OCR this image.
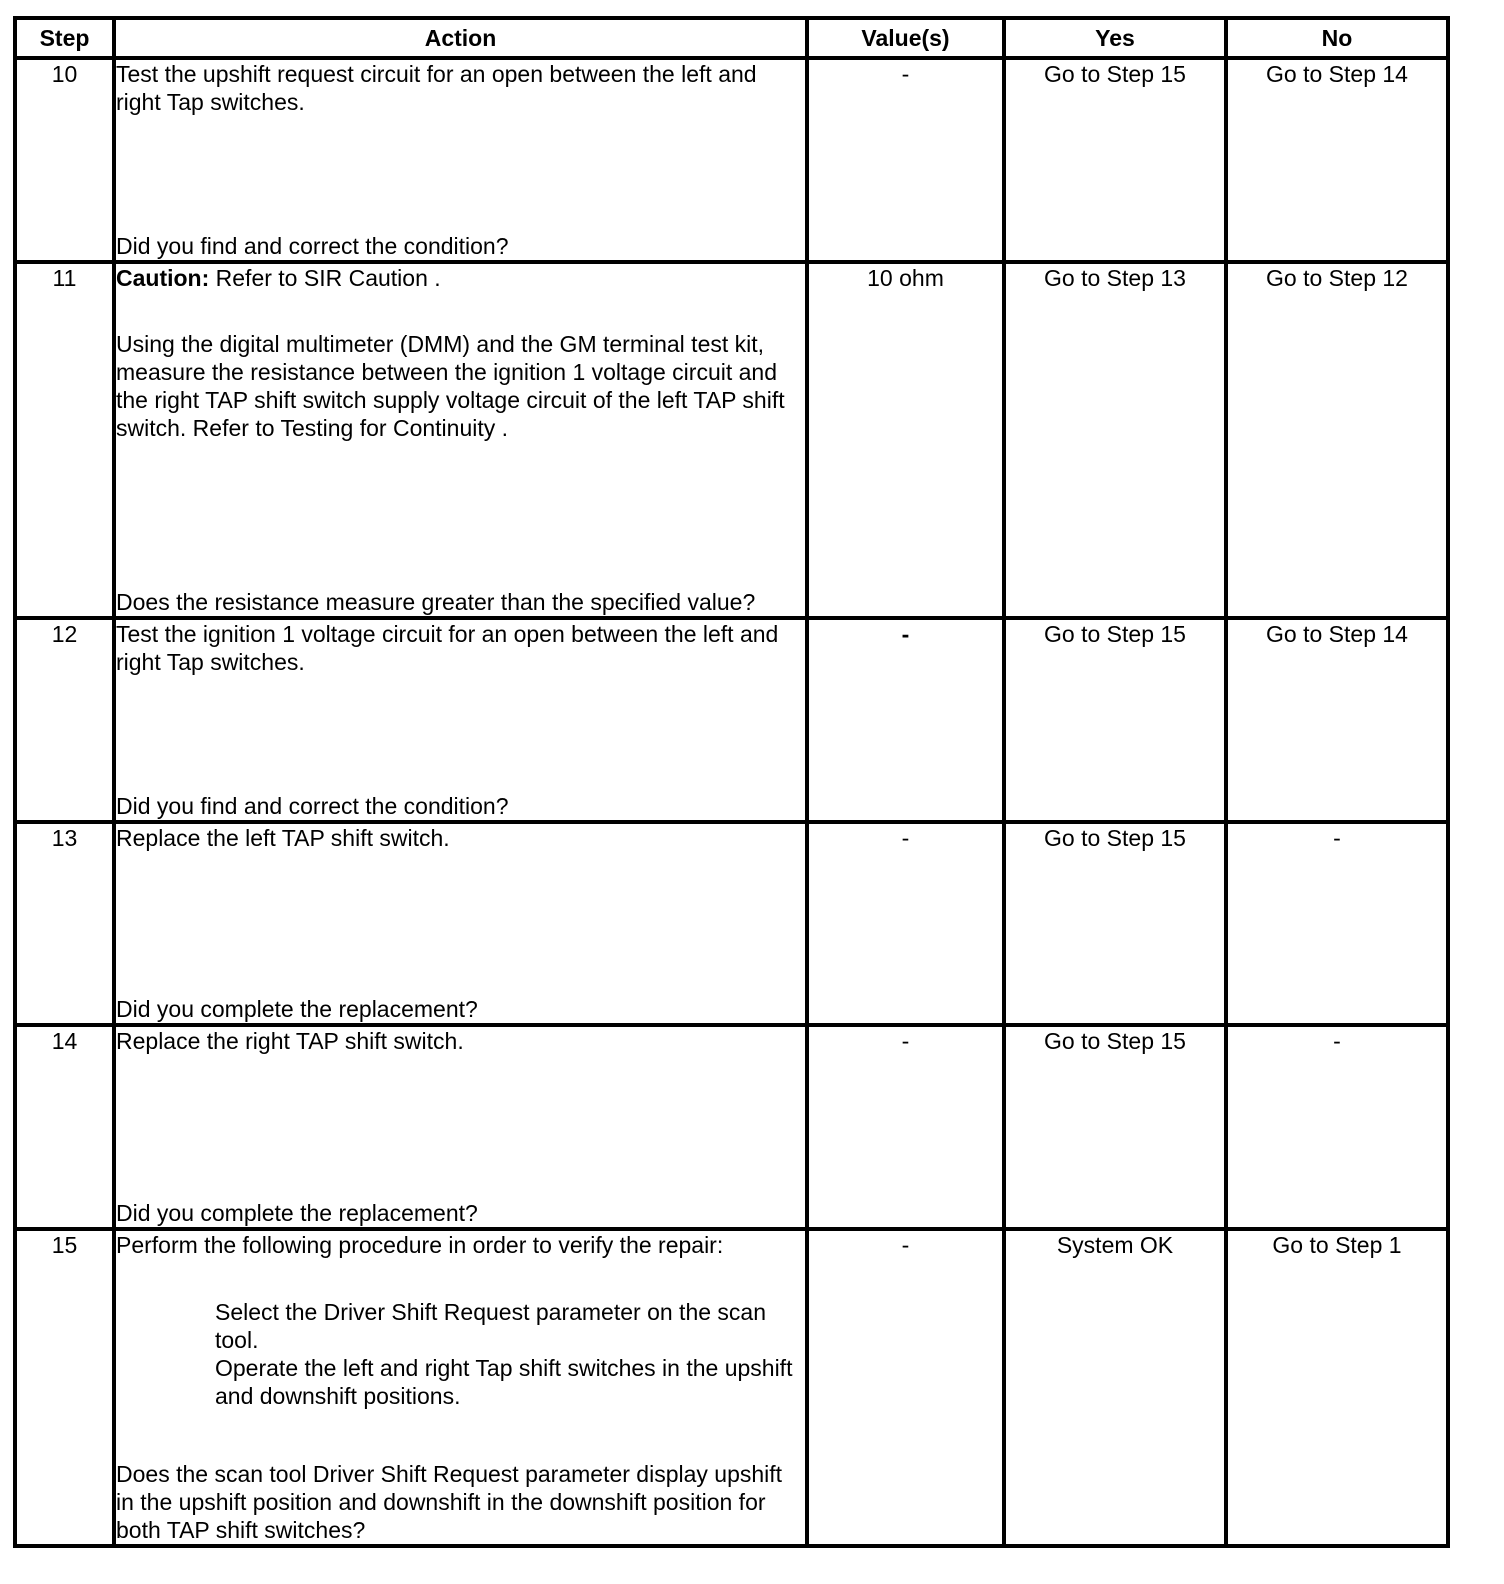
Step	Action	Value(s)	Yes	No
10	Test the upshift request circuit for an open between the left and right Tap switches.
Did you find and correct the condition?	-	Go to Step 15	Go to Step 14
11	Caution: Refer to SIR Caution .
Using the digital multimeter (DMM) and the GM terminal test kit, measure the resistance between the ignition 1 voltage circuit and the right TAP shift switch supply voltage circuit of the left TAP shift switch. Refer to Testing for Continuity .
Does the resistance measure greater than the specified value?	10 ohm	Go to Step 13	Go to Step 12
12	Test the ignition 1 voltage circuit for an open between the left and right Tap switches.
Did you find and correct the condition?	-	Go to Step 15	Go to Step 14
13	Replace the left TAP shift switch.
Did you complete the replacement?	-	Go to Step 15	-
14	Replace the right TAP shift switch.
Did you complete the replacement?	-	Go to Step 15	-
15	Perform the following procedure in order to verify the repair:
Select the Driver Shift Request parameter on the scan tool.
Operate the left and right Tap shift switches in the upshift and downshift positions.
Does the scan tool Driver Shift Request parameter display upshift in the upshift position and downshift in the downshift position for both TAP shift switches?	-	System OK	Go to Step 1
